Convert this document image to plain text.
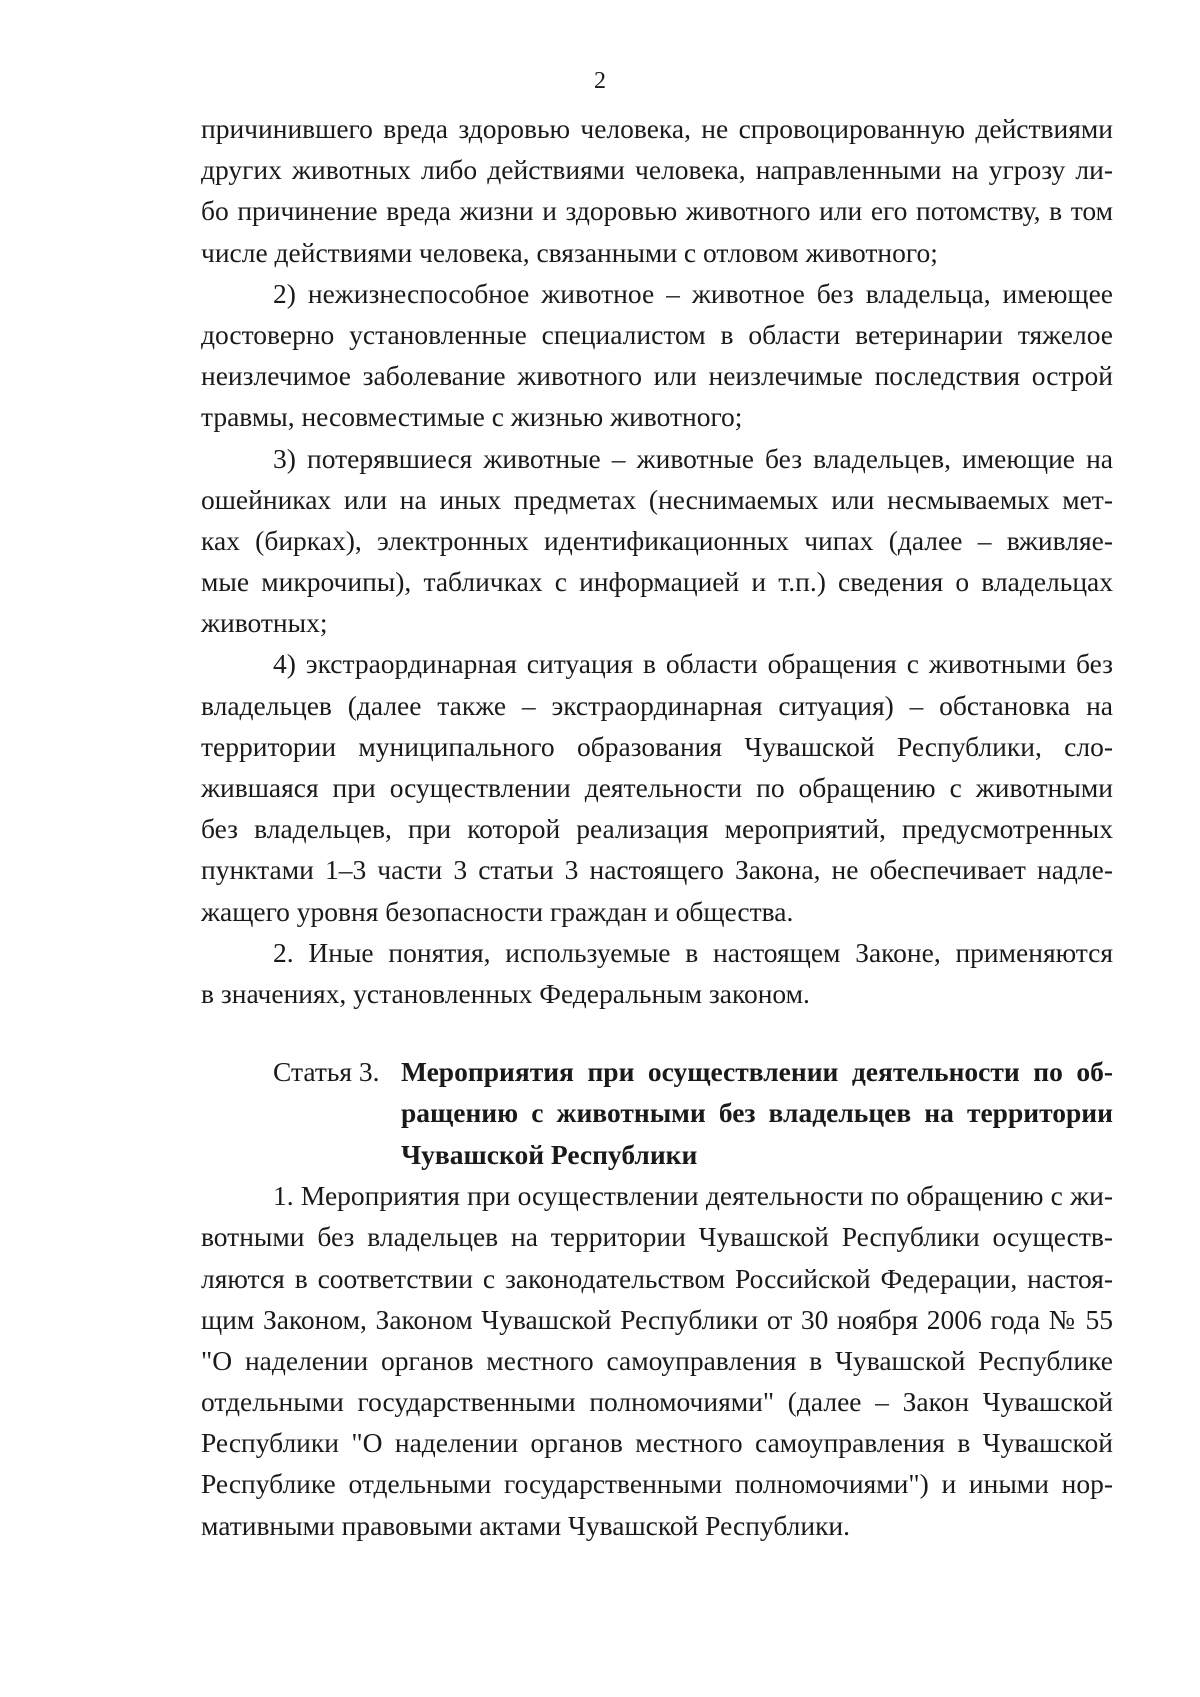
2
причинившего вреда здоровью человека, не спровоцированную действиями
других животных либо действиями человека, направленными на угрозу ли-
бо причинение вреда жизни и здоровью животного или его потомству, в том
числе действиями человека, связанными с отловом животного;
2) нежизнеспособное животное – животное без владельца, имеющее
достоверно установленные специалистом в области ветеринарии тяжелое
неизлечимое заболевание животного или неизлечимые последствия острой
травмы, несовместимые с жизнью животного;
3) потерявшиеся животные – животные без владельцев, имеющие на
ошейниках или на иных предметах (неснимаемых или несмываемых мет-
ках (бирках), электронных идентификационных чипах (далее – вживляе-
мые микрочипы), табличках с информацией и т.п.) сведения о владельцах
животных;
4) экстраординарная ситуация в области обращения с животными без
владельцев (далее также – экстраординарная ситуация) – обстановка на
территории муниципального образования Чувашской Республики, сло-
жившаяся при осуществлении деятельности по обращению с животными
без владельцев, при которой реализация мероприятий, предусмотренных
пунктами 1–3 части 3 статьи 3 настоящего Закона, не обеспечивает надле-
жащего уровня безопасности граждан и общества.
2. Иные понятия, используемые в настоящем Законе, применяются
в значениях, установленных Федеральным законом.
Статья 3. Мероприятия при осуществлении деятельности по об-
ращению с животными без владельцев на территории
Чувашской Республики
1. Мероприятия при осуществлении деятельности по обращению с жи-
вотными без владельцев на территории Чувашской Республики осуществ-
ляются в соответствии с законодательством Российской Федерации, настоя-
щим Законом, Законом Чувашской Республики от 30 ноября 2006 года № 55
"О наделении органов местного самоуправления в Чувашской Республике
отдельными государственными полномочиями" (далее – Закон Чувашской
Республики "О наделении органов местного самоуправления в Чувашской
Республике отдельными государственными полномочиями") и иными нор-
мативными правовыми актами Чувашской Республики.
